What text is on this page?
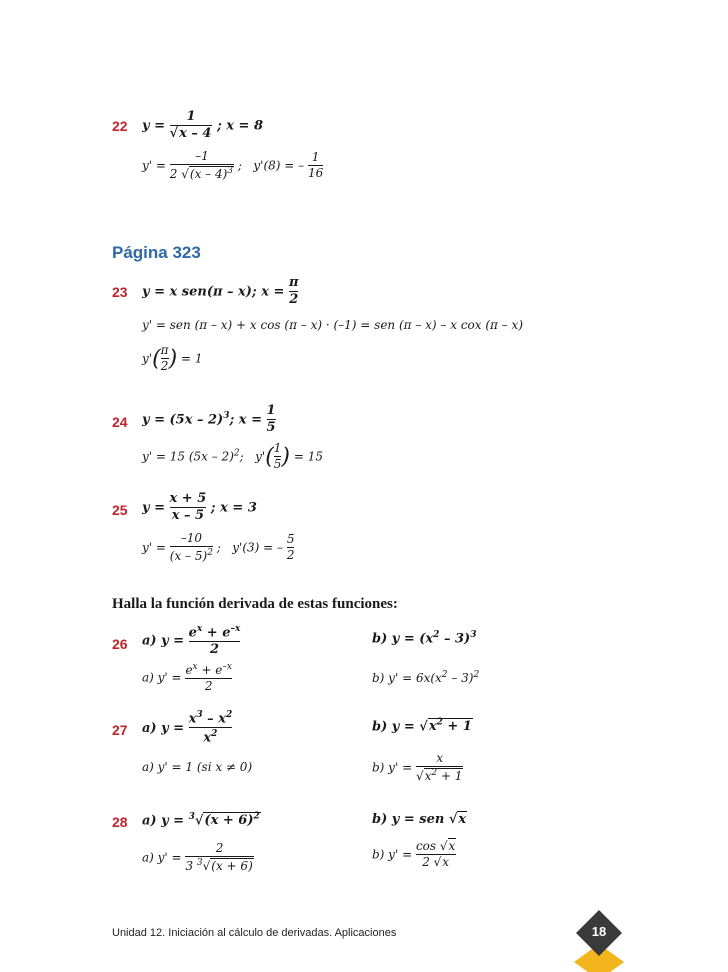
22 $y = \frac{1}{√x - 4}$ ; x = 8
$y' = \frac{-1}{2 √(x - 4)^3}$ ; y'(8) = – $\frac{1}{16}$
Página 323
23 y = x sen(π – x); $x = \frac{\pi}{2}$
y' = sen (π – x) + x cos (π – x) · (–1) = sen (π – x) – x cox (π – x)
$y'( \frac{\pi}{2}$ ) = 1
24 y = (5x – 2)$^3$; $x = \frac{1}{5}$
y' = 15 (5x – 2)$^2$; $y'( \frac{1}{5}$ ) = 15
25 $y = \frac{x + 5}{x - 5}$ ; x = 3
$y' = \frac{-10}{(x - 5)^2}$ ; y'(3) = – $\frac{5}{2}$
Halla la función derivada de estas funciones:
26 a) $y = \frac{e^x + e^{-x}}{2}$	b) $y = (x^2 - 3)^3$
a) $y' = \frac{e^x + e^{-x}}{2}$	b) $y' = 6x(x^2 - 3)^2$
27 a) $y = \frac{x^3 - x^2}{x^2}$	b) $y = √x^2 + 1$
a) y' = 1 (si x ≠ 0)	b) $y' = \frac{x}{√x^2 + 1}$
28 a) $y = ^3√(x + 6)^2$	b) y = sen √x
a) $y' = \frac{2}{3 ^3√(x + 6)}$	b) $y' = \frac{\cos √x}{2 √x}$
Unidad 12. Iniciación al cálculo de derivadas. Aplicaciones	18
